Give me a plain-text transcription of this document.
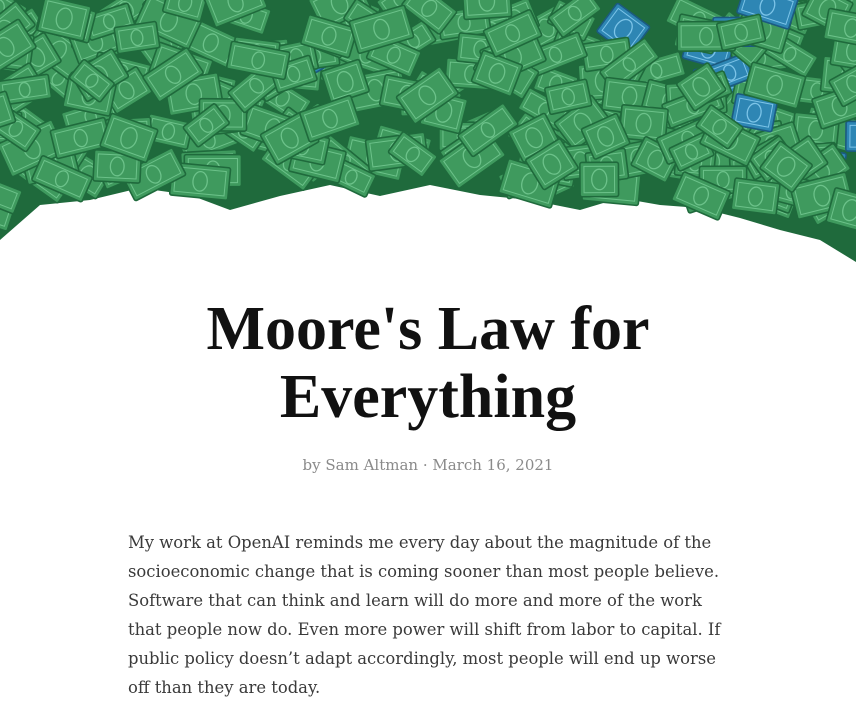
Moore's Law for
Everything
by Sam Altman · March 16, 2021

My work at OpenAI reminds me every day about the magnitude of the socioeconomic change that is coming sooner than most people believe. Software that can think and learn will do more and more of the work that people now do. Even more power will shift from labor to capital. If public policy doesn’t adapt accordingly, most people will end up worse off than they are today.
